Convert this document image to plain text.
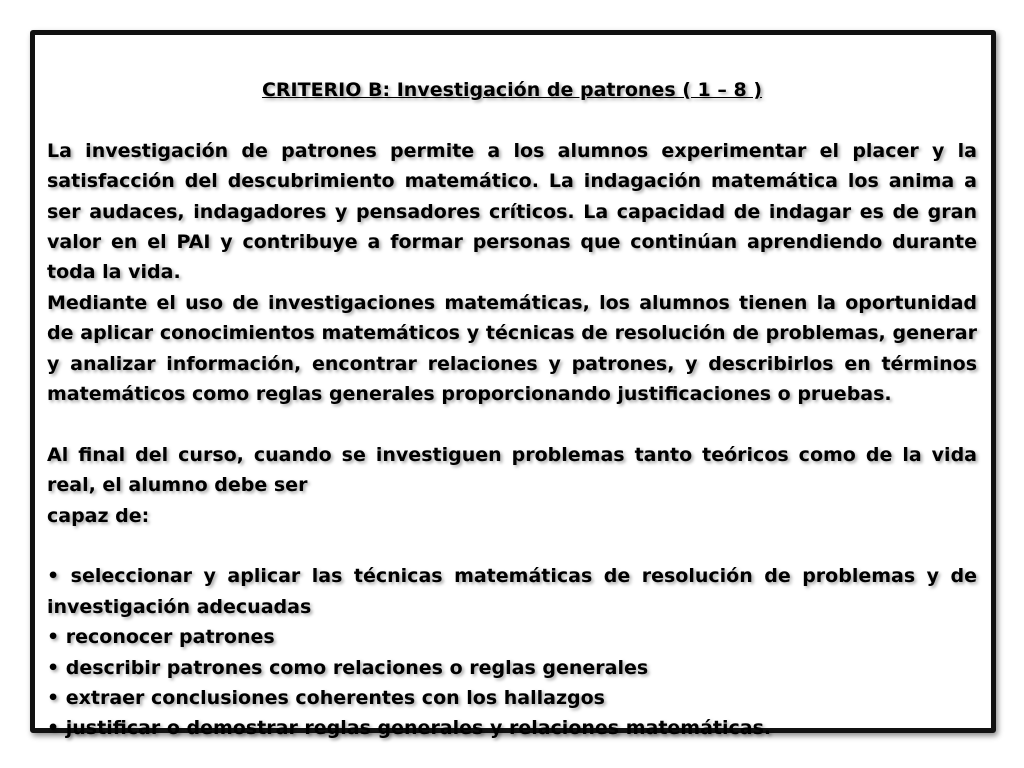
CRITERIO B: Investigación de patrones ( 1 – 8 )

La investigación de patrones permite a los alumnos experimentar el placer y la satisfacción del descubrimiento matemático. La indagación matemática los anima a ser audaces, indagadores y pensadores críticos. La capacidad de indagar es de gran valor en el PAI y contribuye a formar personas que continúan aprendiendo durante toda la vida.

Mediante el uso de investigaciones matemáticas, los alumnos tienen la oportunidad de aplicar conocimientos matemáticos y técnicas de resolución de problemas, generar y analizar información, encontrar relaciones y patrones, y describirlos en términos matemáticos como reglas generales proporcionando justificaciones o pruebas.

Al final del curso, cuando se investiguen problemas tanto teóricos como de la vida real, el alumno debe ser

capaz de:

• seleccionar y aplicar las técnicas matemáticas de resolución de problemas y de investigación adecuadas

• reconocer patrones

• describir patrones como relaciones o reglas generales

• extraer conclusiones coherentes con los hallazgos

• justificar o demostrar reglas generales y relaciones matemáticas.
